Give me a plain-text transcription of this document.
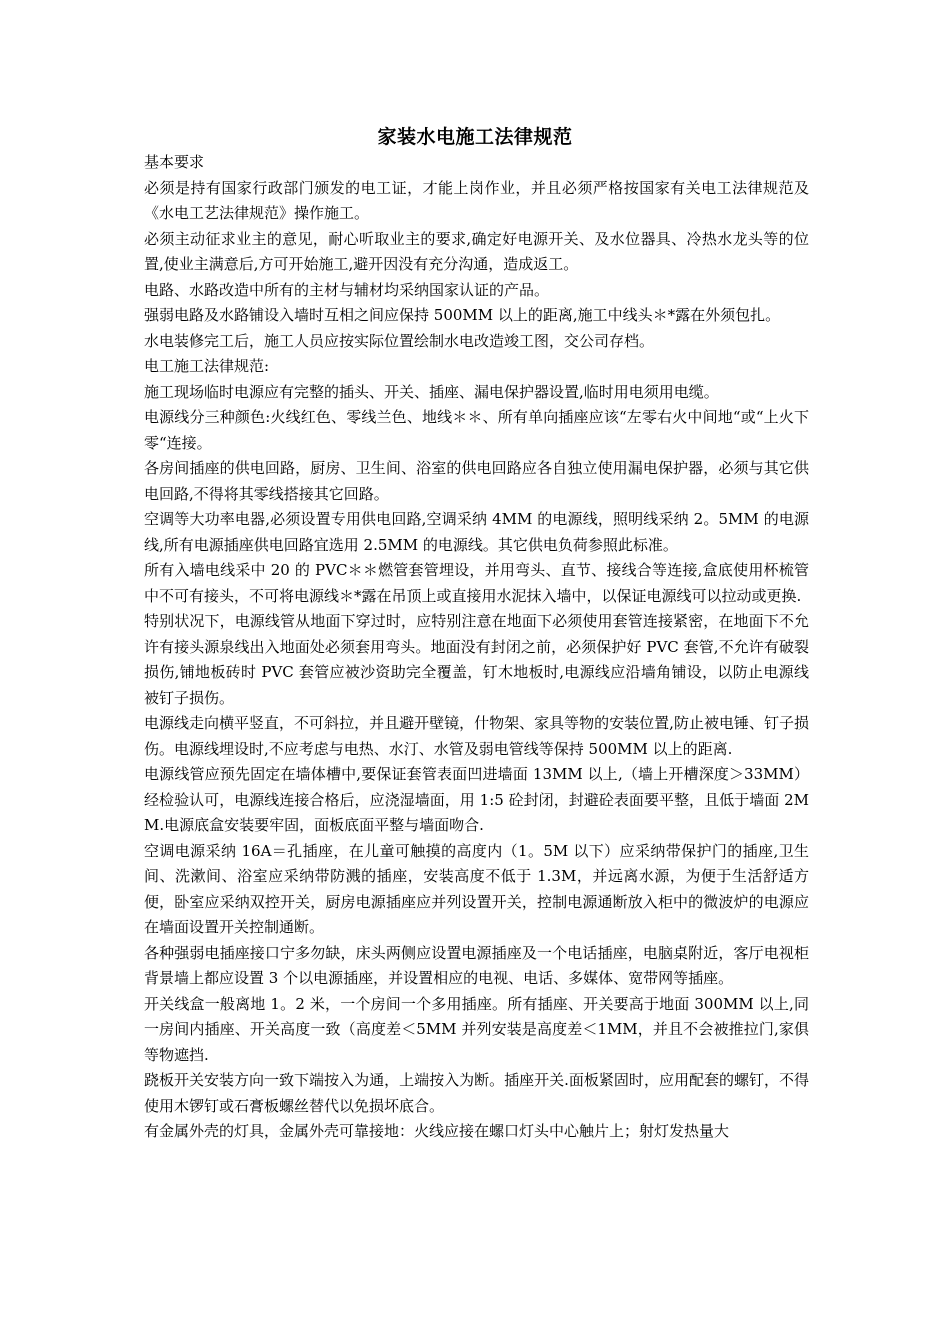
家装水电施工法律规范

基本要求

必须是持有国家行政部门颁发的电工证，才能上岗作业，并且必须严格按国家有关电工法律规范及《水电工艺法律规范》操作施工。

必须主动征求业主的意见，耐心听取业主的要求,确定好电源开关、及水位器具、冷热水龙头等的位置,使业主满意后,方可开始施工,避开因没有充分沟通，造成返工。

电路、水路改造中所有的主材与辅材均采纳国家认证的产品。

强弱电路及水路铺设入墙时互相之间应保持 500MM 以上的距离,施工中线头＊*露在外须包扎。

水电装修完工后，施工人员应按实际位置绘制水电改造竣工图，交公司存档。

电工施工法律规范:

施工现场临时电源应有完整的插头、开关、插座、漏电保护器设置,临时用电须用电缆。

电源线分三种颜色:火线红色、零线兰色、地线＊＊、所有单向插座应该“左零右火中间地“或“上火下零“连接。

各房间插座的供电回路，厨房、卫生间、浴室的供电回路应各自独立使用漏电保护器，必须与其它供电回路,不得将其零线搭接其它回路。

空调等大功率电器,必须设置专用供电回路,空调采纳 4MM 的电源线，照明线采纳 2。5MM 的电源线,所有电源插座供电回路宜选用 2.5MM 的电源线。其它供电负荷参照此标准。

所有入墙电线采中 20 的 PVC＊＊燃管套管埋设，并用弯头、直节、接线合等连接,盒底使用杯梳管中不可有接头，不可将电源线＊*露在吊顶上或直接用水泥抹入墙中，以保证电源线可以拉动或更换.

特别状况下，电源线管从地面下穿过时，应特别注意在地面下必须使用套管连接紧密，在地面下不允许有接头源泉线出入地面处必须套用弯头。地面没有封闭之前，必须保护好 PVC 套管,不允许有破裂损伤,铺地板砖时 PVC 套管应被沙资助完全覆盖，钉木地板时,电源线应沿墙角铺设，以防止电源线被钉子损伤。

电源线走向横平竖直，不可斜拉，并且避开壁镜，什物架、家具等物的安装位置,防止被电锤、钉子损伤。电源线埋设时,不应考虑与电热、水汀、水管及弱电管线等保持 500MM 以上的距离.

电源线管应预先固定在墙体槽中,要保证套管表面凹进墙面 13MM 以上,（墙上开槽深度＞33MM）经检验认可，电源线连接合格后，应浇湿墙面，用 1:5 砼封闭，封避砼表面要平整，且低于墙面 2MM.电源底盒安装要牢固，面板底面平整与墙面吻合.

空调电源采纳 16A＝孔插座，在儿童可触摸的高度内（1。5M 以下）应采纳带保护门的插座,卫生间、洗漱间、浴室应采纳带防溅的插座，安装高度不低于 1.3M，并远离水源，为便于生活舒适方便，卧室应采纳双控开关，厨房电源插座应并列设置开关，控制电源通断放入柜中的微波炉的电源应在墙面设置开关控制通断。

各种强弱电插座接口宁多勿缺，床头两侧应设置电源插座及一个电话插座，电脑桌附近，客厅电视柜背景墙上都应设置 3 个以电源插座，并设置相应的电视、电话、多媒体、宽带网等插座。

开关线盒一般离地 1。2 米，一个房间一个多用插座。所有插座、开关要高于地面 300MM 以上,同一房间内插座、开关高度一致（高度差＜5MM 并列安装是高度差＜1MM，并且不会被推拉门,家俱等物遮挡.

跷板开关安装方向一致下端按入为通，上端按入为断。插座开关.面板紧固时，应用配套的螺钉，不得使用木锣钉或石膏板螺丝替代以免损坏底合。

有金属外壳的灯具，金属外壳可靠接地：火线应接在螺口灯头中心触片上；射灯发热量大
